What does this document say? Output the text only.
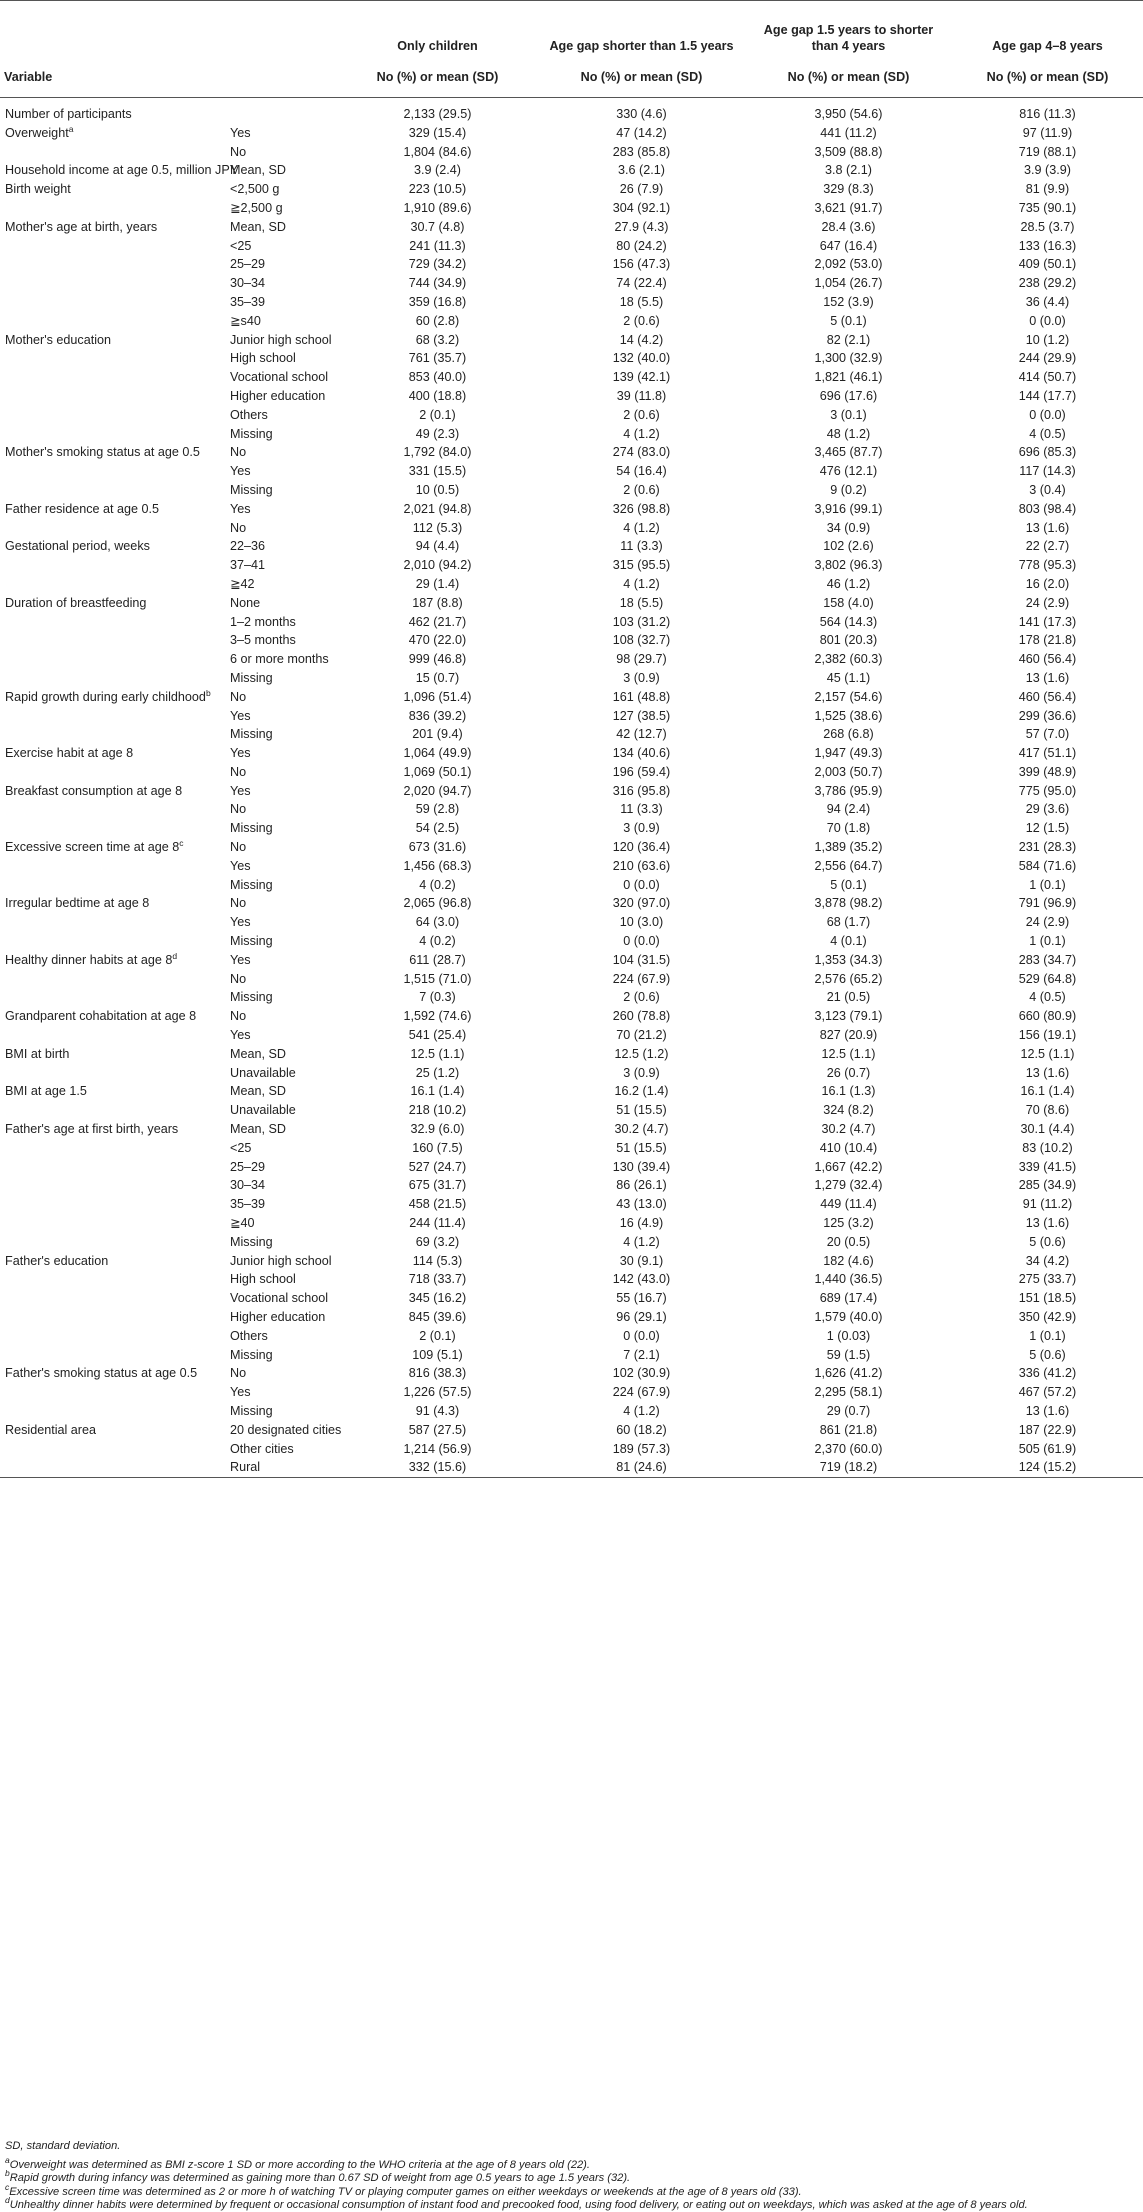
		Only children	Age gap shorter than 1.5 years	Age gap 1.5 years to shorter than 4 years	Age gap 4–8 years
Variable		No (%) or mean (SD)	No (%) or mean (SD)	No (%) or mean (SD)	No (%) or mean (SD)

Number of participants		2,133 (29.5)	330 (4.6)	3,950 (54.6)	816 (11.3)
Overweight$^a$	Yes	329 (15.4)	47 (14.2)	441 (11.2)	97 (11.9)
	No	1,804 (84.6)	283 (85.8)	3,509 (88.8)	719 (88.1)
Household income at age 0.5, million JPY	Mean, SD	3.9 (2.4)	3.6 (2.1)	3.8 (2.1)	3.9 (3.9)
Birth weight	<2,500 g	223 (10.5)	26 (7.9)	329 (8.3)	81 (9.9)
	≧2,500 g	1,910 (89.6)	304 (92.1)	3,621 (91.7)	735 (90.1)
Mother's age at birth, years	Mean, SD	30.7 (4.8)	27.9 (4.3)	28.4 (3.6)	28.5 (3.7)
	<25	241 (11.3)	80 (24.2)	647 (16.4)	133 (16.3)
	25–29	729 (34.2)	156 (47.3)	2,092 (53.0)	409 (50.1)
	30–34	744 (34.9)	74 (22.4)	1,054 (26.7)	238 (29.2)
	35–39	359 (16.8)	18 (5.5)	152 (3.9)	36 (4.4)
	≧s40	60 (2.8)	2 (0.6)	5 (0.1)	0 (0.0)
Mother's education	Junior high school	68 (3.2)	14 (4.2)	82 (2.1)	10 (1.2)
	High school	761 (35.7)	132 (40.0)	1,300 (32.9)	244 (29.9)
	Vocational school	853 (40.0)	139 (42.1)	1,821 (46.1)	414 (50.7)
	Higher education	400 (18.8)	39 (11.8)	696 (17.6)	144 (17.7)
	Others	2 (0.1)	2 (0.6)	3 (0.1)	0 (0.0)
	Missing	49 (2.3)	4 (1.2)	48 (1.2)	4 (0.5)
Mother's smoking status at age 0.5	No	1,792 (84.0)	274 (83.0)	3,465 (87.7)	696 (85.3)
	Yes	331 (15.5)	54 (16.4)	476 (12.1)	117 (14.3)
	Missing	10 (0.5)	2 (0.6)	9 (0.2)	3 (0.4)
Father residence at age 0.5	Yes	2,021 (94.8)	326 (98.8)	3,916 (99.1)	803 (98.4)
	No	112 (5.3)	4 (1.2)	34 (0.9)	13 (1.6)
Gestational period, weeks	22–36	94 (4.4)	11 (3.3)	102 (2.6)	22 (2.7)
	37–41	2,010 (94.2)	315 (95.5)	3,802 (96.3)	778 (95.3)
	≧42	29 (1.4)	4 (1.2)	46 (1.2)	16 (2.0)
Duration of breastfeeding	None	187 (8.8)	18 (5.5)	158 (4.0)	24 (2.9)
	1–2 months	462 (21.7)	103 (31.2)	564 (14.3)	141 (17.3)
	3–5 months	470 (22.0)	108 (32.7)	801 (20.3)	178 (21.8)
	6 or more months	999 (46.8)	98 (29.7)	2,382 (60.3)	460 (56.4)
	Missing	15 (0.7)	3 (0.9)	45 (1.1)	13 (1.6)
Rapid growth during early childhood$^b$	No	1,096 (51.4)	161 (48.8)	2,157 (54.6)	460 (56.4)
	Yes	836 (39.2)	127 (38.5)	1,525 (38.6)	299 (36.6)
	Missing	201 (9.4)	42 (12.7)	268 (6.8)	57 (7.0)
Exercise habit at age 8	Yes	1,064 (49.9)	134 (40.6)	1,947 (49.3)	417 (51.1)
	No	1,069 (50.1)	196 (59.4)	2,003 (50.7)	399 (48.9)
Breakfast consumption at age 8	Yes	2,020 (94.7)	316 (95.8)	3,786 (95.9)	775 (95.0)
	No	59 (2.8)	11 (3.3)	94 (2.4)	29 (3.6)
	Missing	54 (2.5)	3 (0.9)	70 (1.8)	12 (1.5)
Excessive screen time at age 8$^c$	No	673 (31.6)	120 (36.4)	1,389 (35.2)	231 (28.3)
	Yes	1,456 (68.3)	210 (63.6)	2,556 (64.7)	584 (71.6)
	Missing	4 (0.2)	0 (0.0)	5 (0.1)	1 (0.1)
Irregular bedtime at age 8	No	2,065 (96.8)	320 (97.0)	3,878 (98.2)	791 (96.9)
	Yes	64 (3.0)	10 (3.0)	68 (1.7)	24 (2.9)
	Missing	4 (0.2)	0 (0.0)	4 (0.1)	1 (0.1)
Healthy dinner habits at age 8$^d$	Yes	611 (28.7)	104 (31.5)	1,353 (34.3)	283 (34.7)
	No	1,515 (71.0)	224 (67.9)	2,576 (65.2)	529 (64.8)
	Missing	7 (0.3)	2 (0.6)	21 (0.5)	4 (0.5)
Grandparent cohabitation at age 8	No	1,592 (74.6)	260 (78.8)	3,123 (79.1)	660 (80.9)
	Yes	541 (25.4)	70 (21.2)	827 (20.9)	156 (19.1)
BMI at birth	Mean, SD	12.5 (1.1)	12.5 (1.2)	12.5 (1.1)	12.5 (1.1)
	Unavailable	25 (1.2)	3 (0.9)	26 (0.7)	13 (1.6)
BMI at age 1.5	Mean, SD	16.1 (1.4)	16.2 (1.4)	16.1 (1.3)	16.1 (1.4)
	Unavailable	218 (10.2)	51 (15.5)	324 (8.2)	70 (8.6)
Father's age at first birth, years	Mean, SD	32.9 (6.0)	30.2 (4.7)	30.2 (4.7)	30.1 (4.4)
	<25	160 (7.5)	51 (15.5)	410 (10.4)	83 (10.2)
	25–29	527 (24.7)	130 (39.4)	1,667 (42.2)	339 (41.5)
	30–34	675 (31.7)	86 (26.1)	1,279 (32.4)	285 (34.9)
	35–39	458 (21.5)	43 (13.0)	449 (11.4)	91 (11.2)
	≧40	244 (11.4)	16 (4.9)	125 (3.2)	13 (1.6)
	Missing	69 (3.2)	4 (1.2)	20 (0.5)	5 (0.6)
Father's education	Junior high school	114 (5.3)	30 (9.1)	182 (4.6)	34 (4.2)
	High school	718 (33.7)	142 (43.0)	1,440 (36.5)	275 (33.7)
	Vocational school	345 (16.2)	55 (16.7)	689 (17.4)	151 (18.5)
	Higher education	845 (39.6)	96 (29.1)	1,579 (40.0)	350 (42.9)
	Others	2 (0.1)	0 (0.0)	1 (0.03)	1 (0.1)
	Missing	109 (5.1)	7 (2.1)	59 (1.5)	5 (0.6)
Father's smoking status at age 0.5	No	816 (38.3)	102 (30.9)	1,626 (41.2)	336 (41.2)
	Yes	1,226 (57.5)	224 (67.9)	2,295 (58.1)	467 (57.2)
	Missing	91 (4.3)	4 (1.2)	29 (0.7)	13 (1.6)
Residential area	20 designated cities	587 (27.5)	60 (18.2)	861 (21.8)	187 (22.9)
	Other cities	1,214 (56.9)	189 (57.3)	2,370 (60.0)	505 (61.9)
	Rural	332 (15.6)	81 (24.6)	719 (18.2)	124 (15.2)

SD, standard deviation.

$^a$Overweight was determined as BMI z-score 1 SD or more according to the WHO criteria at the age of 8 years old (22).

$^b$Rapid growth during infancy was determined as gaining more than 0.67 SD of weight from age 0.5 years to age 1.5 years (32).

$^c$Excessive screen time was determined as 2 or more h of watching TV or playing computer games on either weekdays or weekends at the age of 8 years old (33).

$^d$Unhealthy dinner habits were determined by frequent or occasional consumption of instant food and precooked food, using food delivery, or eating out on weekdays, which was asked at the age of 8 years old.
